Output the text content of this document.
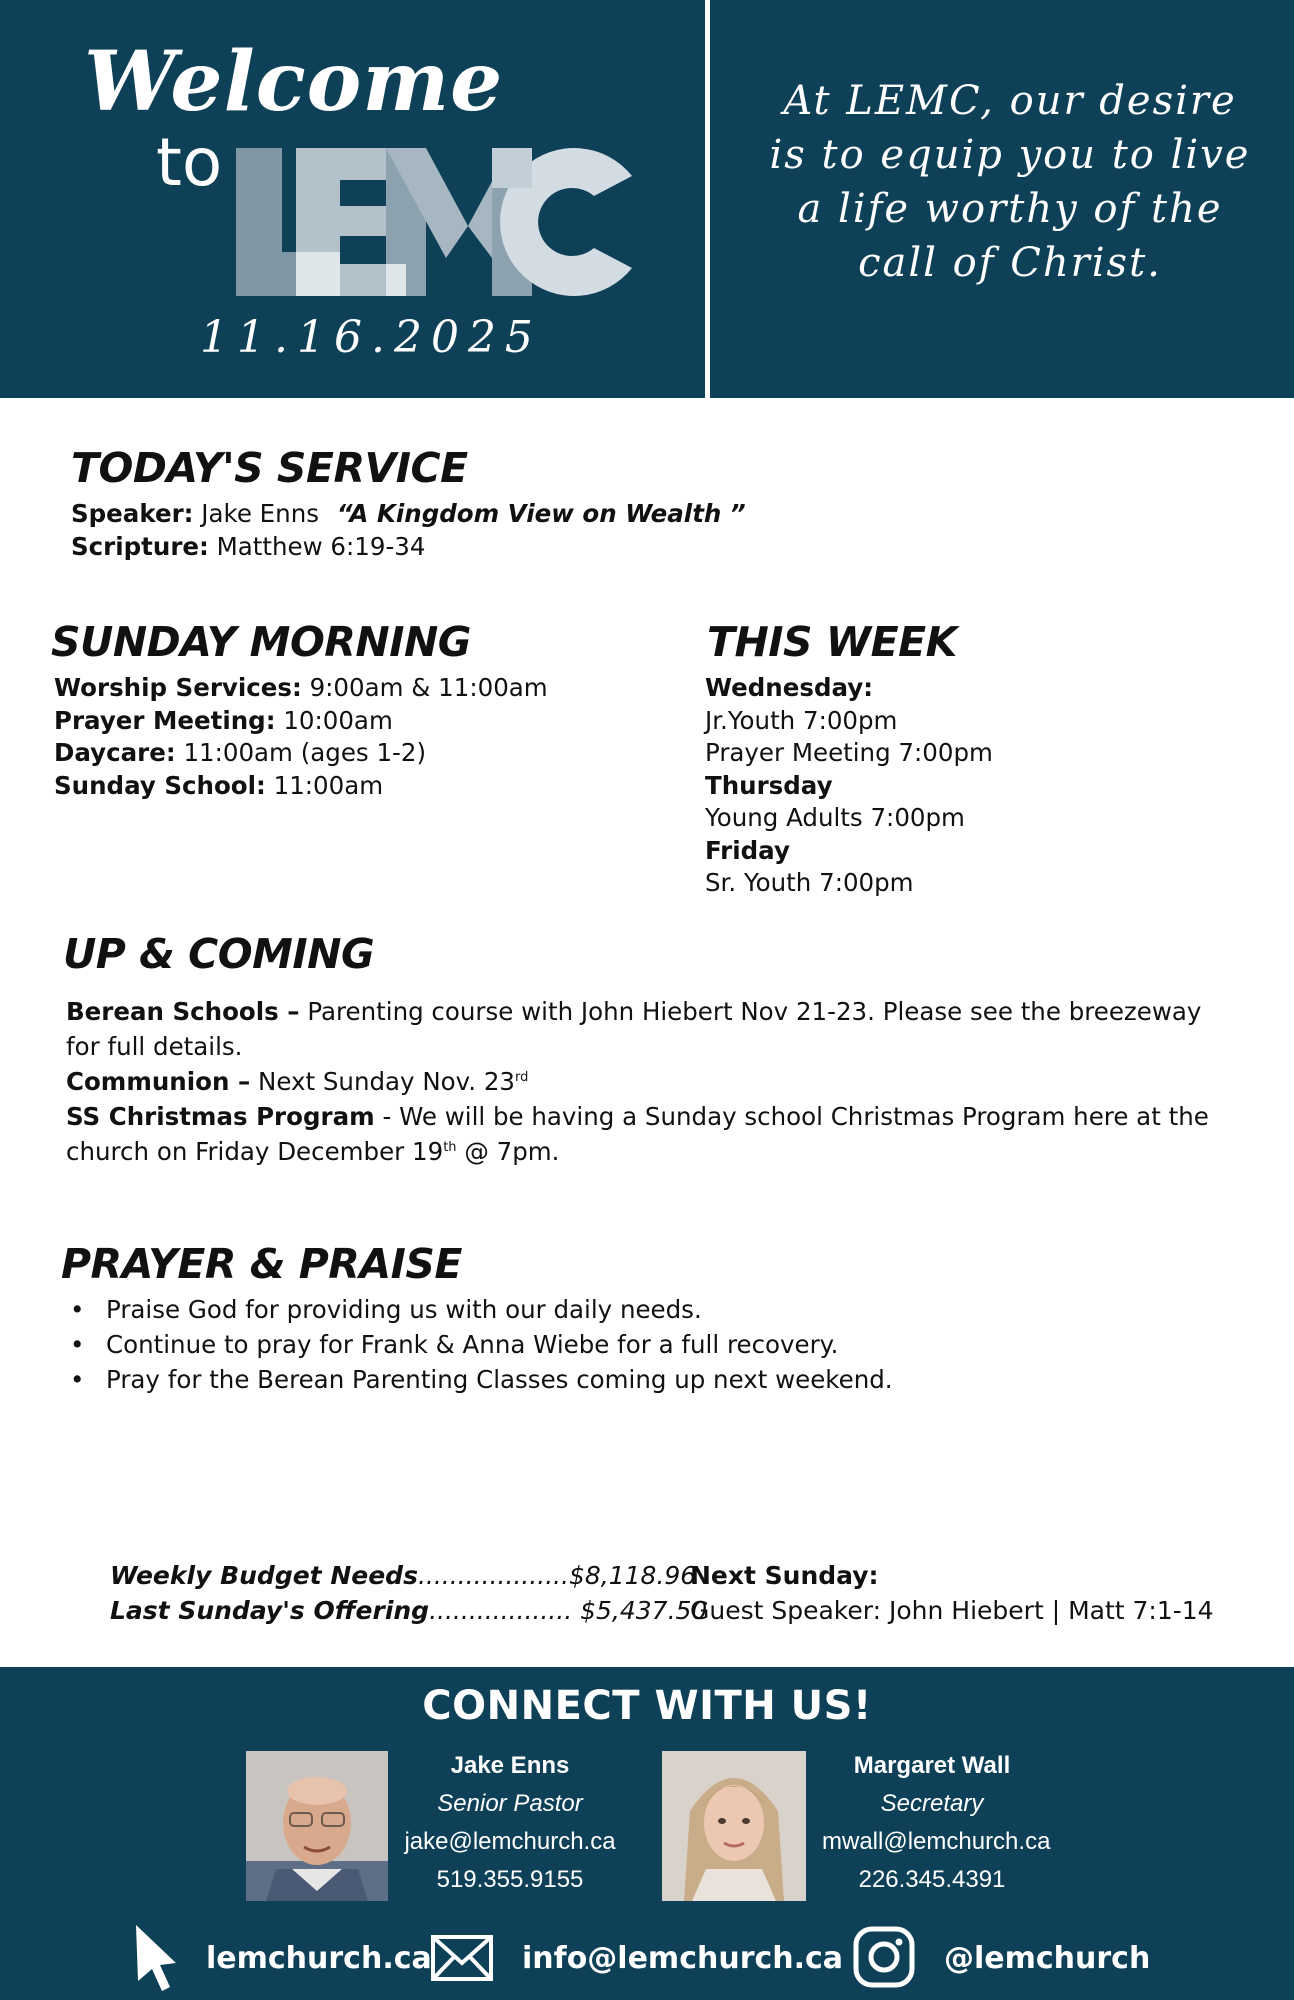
Welcome
to
11.16.2025
At LEMC, our desire
is to equip you to live
a life worthy of the
call of Christ.
TODAY'S SERVICE
Speaker: Jake Enns “A Kingdom View on Wealth ”
Scripture: Matthew 6:19-34
SUNDAY MORNING
Worship Services: 9:00am & 11:00am
Prayer Meeting: 10:00am
Daycare: 11:00am (ages 1-2)
Sunday School: 11:00am
THIS WEEK
Wednesday:
Jr.Youth 7:00pm
Prayer Meeting 7:00pm
Thursday
Young Adults 7:00pm
Friday
Sr. Youth 7:00pm
UP & COMING

Berean Schools – Parenting course with John Hiebert Nov 21-23. Please see the breezeway for full details.

Communion – Next Sunday Nov. 23rd

SS Christmas Program - We will be having a Sunday school Christmas Program here at the church on Friday December 19th @ 7pm.

PRAYER & PRAISE
• Praise God for providing us with our daily needs.
• Continue to pray for Frank & Anna Wiebe for a full recovery.
• Pray for the Berean Parenting Classes coming up next weekend.
Weekly Budget Needs...................$8,118.96
Last Sunday's Offering.................. $5,437.50
Next Sunday:
Guest Speaker: John Hiebert | Matt 7:1-14
CONNECT WITH US!
Jake Enns
Senior Pastor
jake@lemchurch.ca
519.355.9155
Margaret Wall
Secretary
mwall@lemchurch.ca
226.345.4391
lemchurch.ca	info@lemchurch.ca	@lemchurch
